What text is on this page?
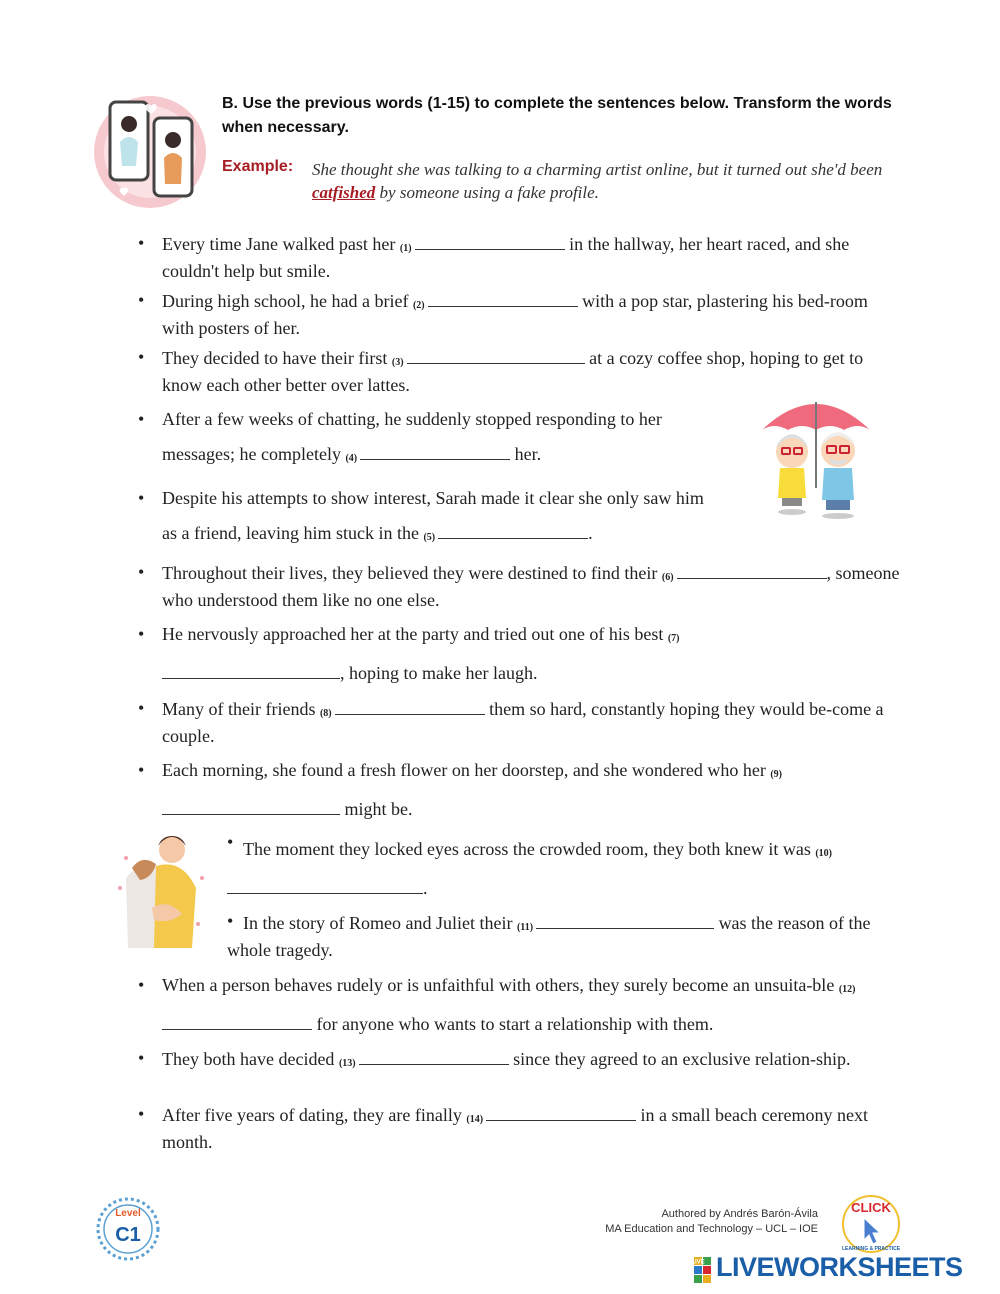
B. Use the previous words (1-15) to complete the sentences below. Transform the words when necessary.
Example: She thought she was talking to a charming artist online, but it turned out she'd been catfished by someone using a fake profile.
• Every time Jane walked past her (1)	in the hallway, her heart raced, and she couldn't help but smile.
• During high school, he had a brief (2)	with a pop star, plastering his bed-room with posters of her.
• They decided to have their first (3)	at a cozy coffee shop, hoping to get to know each other better over lattes.
• After a few weeks of chatting, he suddenly stopped responding to her messages; he completely (4)	her.
• Despite his attempts to show interest, Sarah made it clear she only saw him as a friend, leaving him stuck in the (5)	.
• Throughout their lives, they believed they were destined to find their (6)	, someone who understood them like no one else.
• He nervously approached her at the party and tried out one of his best (7), hoping to make her laugh.
• Many of their friends (8)	them so hard, constantly hoping they would be-come a couple.
• Each morning, she found a fresh flower on her doorstep, and she wondered who her (9) might be.
• The moment they locked eyes across the crowded room, they both knew it was (10).
• In the story of Romeo and Juliet their (11)	was the reason of the whole tragedy.
• When a person behaves rudely or is unfaithful with others, they surely become an unsuita-ble (12) for anyone who wants to start a relationship with them.
• They both have decided (13)	since they agreed to an exclusive relation-ship.
• After five years of dating, they are finally (14)	in a small beach ceremony next month.
Level
C1
Authored by Andrés Barón-Ávila
MA Education and Technology – UCL – IOE
CLICK
LEARNING & PRACTICE
LIVE LIVEWORKSHEETS
